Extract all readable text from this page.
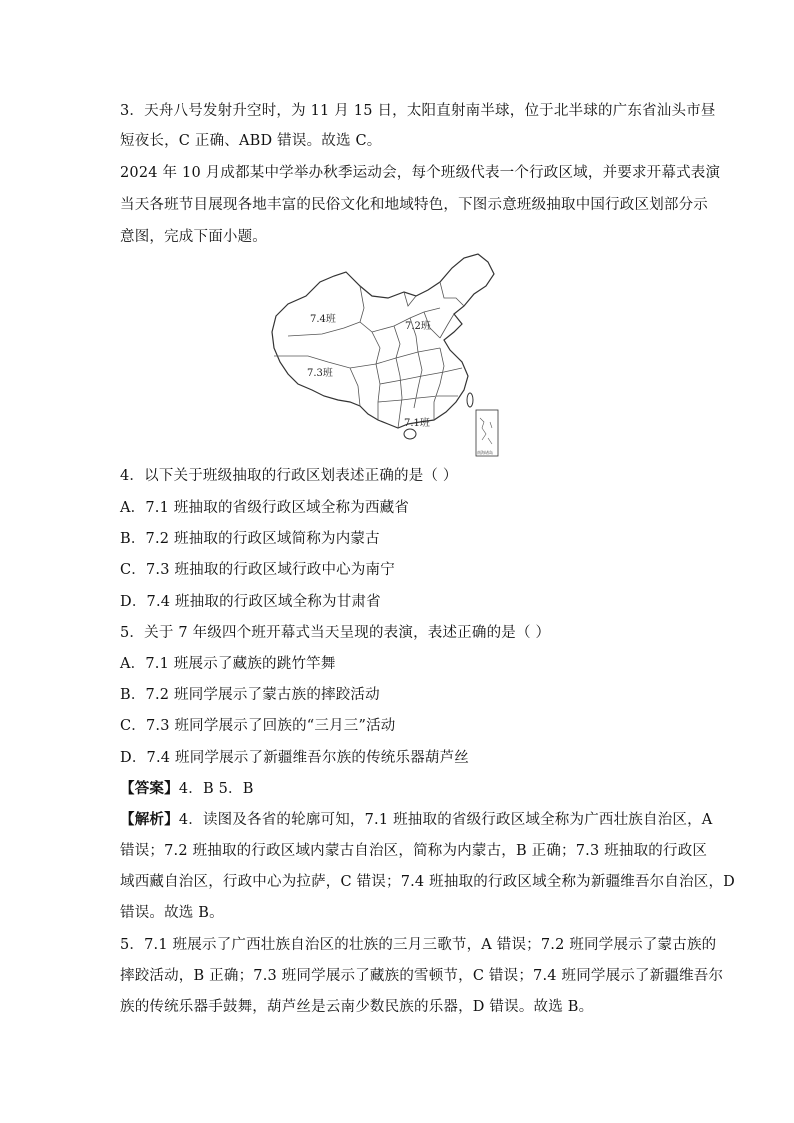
3．天舟八号发射升空时，为 11 月 15 日，太阳直射南半球，位于北半球的广东省汕头市昼
短夜长，C 正确、ABD 错误。故选 C。
2024 年 10 月成都某中学举办秋季运动会，每个班级代表一个行政区域，并要求开幕式表演
当天各班节目展现各地丰富的民俗文化和地域特色，下图示意班级抽取中国行政区划部分示
意图，完成下面小题。
7.4班
7.2班
7.3班
7.1班
南海诸岛
4．以下关于班级抽取的行政区划表述正确的是（ ）
A．7.1 班抽取的省级行政区域全称为西藏省
B．7.2 班抽取的行政区域简称为内蒙古
C．7.3 班抽取的行政区域行政中心为南宁
D．7.4 班抽取的行政区域全称为甘肃省
5．关于 7 年级四个班开幕式当天呈现的表演，表述正确的是（ ）
A．7.1 班展示了藏族的跳竹竿舞
B．7.2 班同学展示了蒙古族的摔跤活动
C．7.3 班同学展示了回族的“三月三”活动
D．7.4 班同学展示了新疆维吾尔族的传统乐器葫芦丝
【答案】4．B 5．B
【解析】4．读图及各省的轮廓可知，7.1 班抽取的省级行政区域全称为广西壮族自治区，A
错误；7.2 班抽取的行政区域内蒙古自治区，简称为内蒙古，B 正确；7.3 班抽取的行政区
域西藏自治区，行政中心为拉萨，C 错误；7.4 班抽取的行政区域全称为新疆维吾尔自治区，D
错误。故选 B。
5．7.1 班展示了广西壮族自治区的壮族的三月三歌节，A 错误；7.2 班同学展示了蒙古族的
摔跤活动，B 正确；7.3 班同学展示了藏族的雪顿节，C 错误；7.4 班同学展示了新疆维吾尔
族的传统乐器手鼓舞，葫芦丝是云南少数民族的乐器，D 错误。故选 B。
